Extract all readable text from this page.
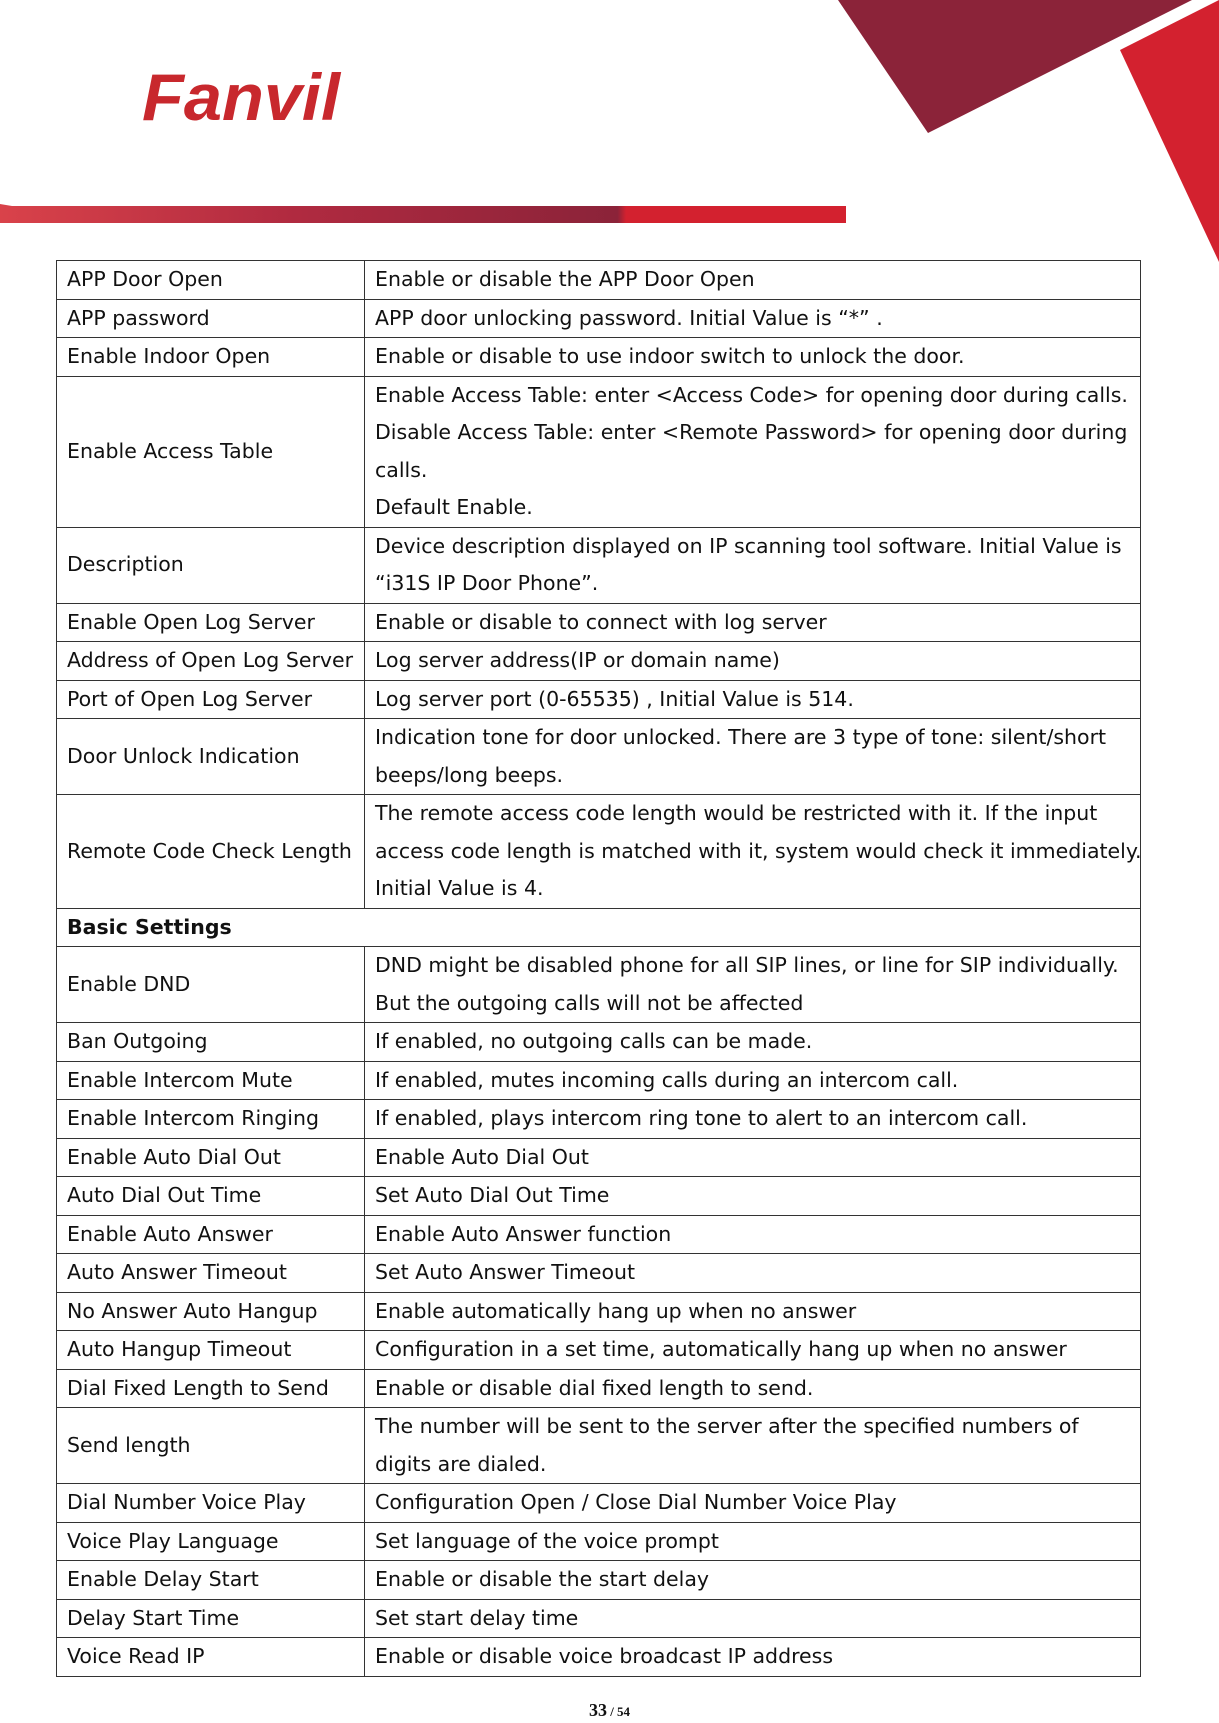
Fanvil
APP Door Open	Enable or disable the APP Door Open

APP password	APP door unlocking password. Initial Value is “*” .

Enable Indoor Open	Enable or disable to use indoor switch to unlock the door.

Enable Access Table	Enable Access Table: enter <Access Code> for opening door during calls.
Disable Access Table: enter <Remote Password> for opening door during
calls.
Default Enable.

Description	Device description displayed on IP scanning tool software. Initial Value is
“i31S IP Door Phone”.

Enable Open Log Server	Enable or disable to connect with log server

Address of Open Log Server	Log server address(IP or domain name)

Port of Open Log Server	Log server port (0-65535) , Initial Value is 514.

Door Unlock Indication	Indication tone for door unlocked. There are 3 type of tone: silent/short
beeps/long beeps.

Remote Code Check Length	The remote access code length would be restricted with it. If the input
access code length is matched with it, system would check it immediately.
Initial Value is 4.

Basic Settings	
Enable DND	DND might be disabled phone for all SIP lines, or line for SIP individually.
But the outgoing calls will not be affected

Ban Outgoing	If enabled, no outgoing calls can be made.

Enable Intercom Mute	If enabled, mutes incoming calls during an intercom call.

Enable Intercom Ringing	If enabled, plays intercom ring tone to alert to an intercom call.

Enable Auto Dial Out	Enable Auto Dial Out

Auto Dial Out Time	Set Auto Dial Out Time

Enable Auto Answer	Enable Auto Answer function

Auto Answer Timeout	Set Auto Answer Timeout

No Answer Auto Hangup	Enable automatically hang up when no answer

Auto Hangup Timeout	Configuration in a set time, automatically hang up when no answer

Dial Fixed Length to Send	Enable or disable dial fixed length to send.

Send length	The number will be sent to the server after the specified numbers of
digits are dialed.

Dial Number Voice Play	Configuration Open / Close Dial Number Voice Play

Voice Play Language	Set language of the voice prompt

Enable Delay Start	Enable or disable the start delay

Delay Start Time	Set start delay time

Voice Read IP	Enable or disable voice broadcast IP address
33 / 54
